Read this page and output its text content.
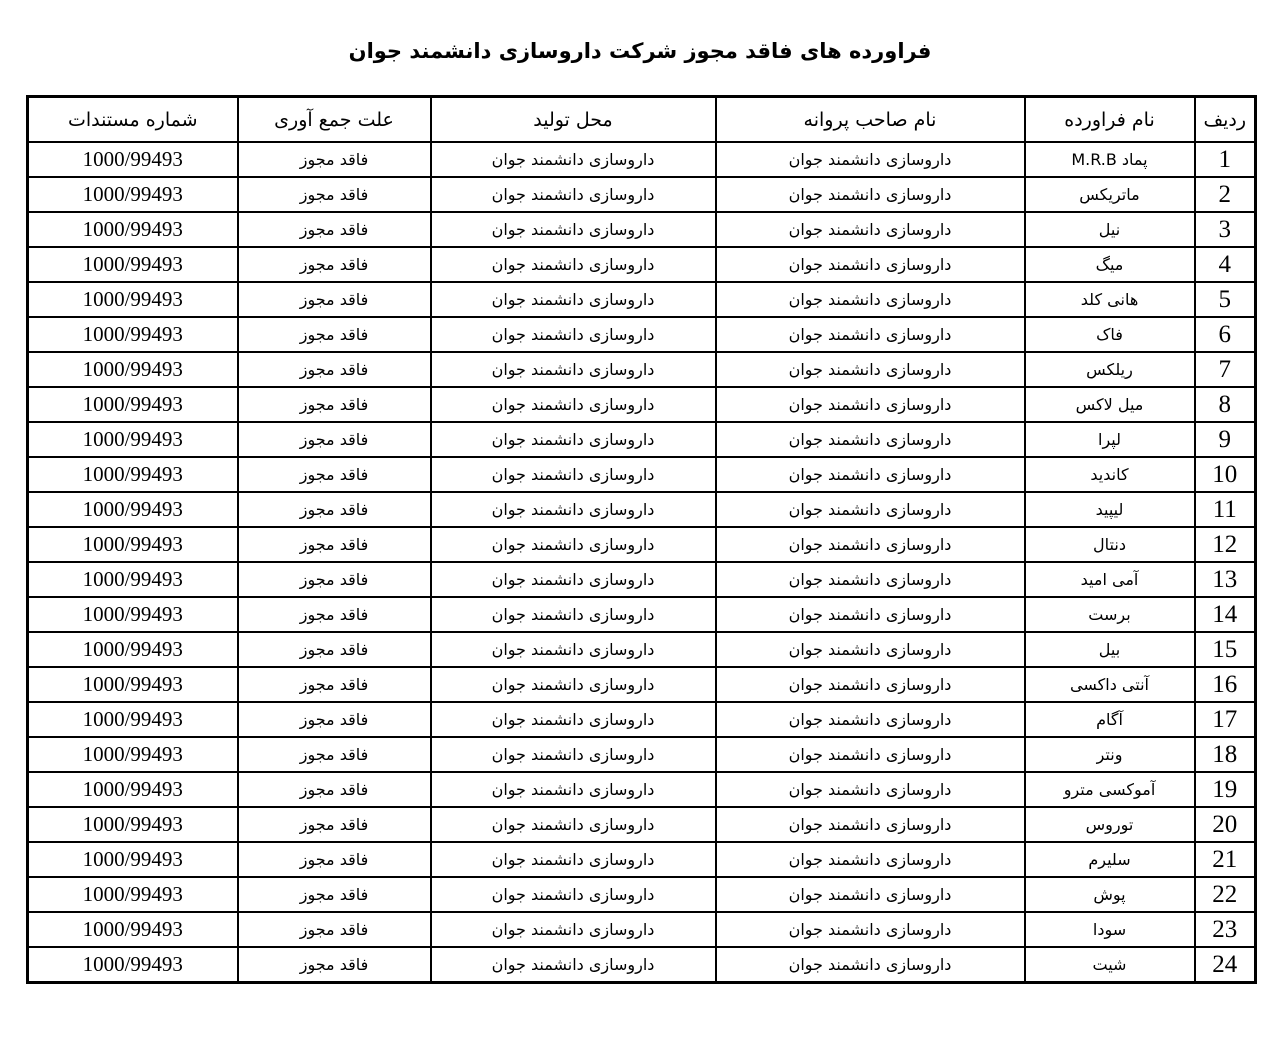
فراورده های فاقد مجوز شرکت داروسازی دانشمند جوان
ردیف	نام فراورده	نام صاحب پروانه	محل تولید	علت جمع آوری	شماره مستندات
1	پماد M.R.B	داروسازی دانشمند جوان	داروسازی دانشمند جوان	فاقد مجوز	1000/99493
2	ماتریکس	داروسازی دانشمند جوان	داروسازی دانشمند جوان	فاقد مجوز	1000/99493
3	نیل	داروسازی دانشمند جوان	داروسازی دانشمند جوان	فاقد مجوز	1000/99493
4	میگ	داروسازی دانشمند جوان	داروسازی دانشمند جوان	فاقد مجوز	1000/99493
5	هانی کلد	داروسازی دانشمند جوان	داروسازی دانشمند جوان	فاقد مجوز	1000/99493
6	فاک	داروسازی دانشمند جوان	داروسازی دانشمند جوان	فاقد مجوز	1000/99493
7	ریلکس	داروسازی دانشمند جوان	داروسازی دانشمند جوان	فاقد مجوز	1000/99493
8	میل لاکس	داروسازی دانشمند جوان	داروسازی دانشمند جوان	فاقد مجوز	1000/99493
9	لپرا	داروسازی دانشمند جوان	داروسازی دانشمند جوان	فاقد مجوز	1000/99493
10	کاندید	داروسازی دانشمند جوان	داروسازی دانشمند جوان	فاقد مجوز	1000/99493
11	لیپید	داروسازی دانشمند جوان	داروسازی دانشمند جوان	فاقد مجوز	1000/99493
12	دنتال	داروسازی دانشمند جوان	داروسازی دانشمند جوان	فاقد مجوز	1000/99493
13	آمی امید	داروسازی دانشمند جوان	داروسازی دانشمند جوان	فاقد مجوز	1000/99493
14	برست	داروسازی دانشمند جوان	داروسازی دانشمند جوان	فاقد مجوز	1000/99493
15	بیل	داروسازی دانشمند جوان	داروسازی دانشمند جوان	فاقد مجوز	1000/99493
16	آنتی داکسی	داروسازی دانشمند جوان	داروسازی دانشمند جوان	فاقد مجوز	1000/99493
17	آگام	داروسازی دانشمند جوان	داروسازی دانشمند جوان	فاقد مجوز	1000/99493
18	ونتر	داروسازی دانشمند جوان	داروسازی دانشمند جوان	فاقد مجوز	1000/99493
19	آموکسی مترو	داروسازی دانشمند جوان	داروسازی دانشمند جوان	فاقد مجوز	1000/99493
20	توروس	داروسازی دانشمند جوان	داروسازی دانشمند جوان	فاقد مجوز	1000/99493
21	سلیرم	داروسازی دانشمند جوان	داروسازی دانشمند جوان	فاقد مجوز	1000/99493
22	پوش	داروسازی دانشمند جوان	داروسازی دانشمند جوان	فاقد مجوز	1000/99493
23	سودا	داروسازی دانشمند جوان	داروسازی دانشمند جوان	فاقد مجوز	1000/99493
24	شیت	داروسازی دانشمند جوان	داروسازی دانشمند جوان	فاقد مجوز	1000/99493
